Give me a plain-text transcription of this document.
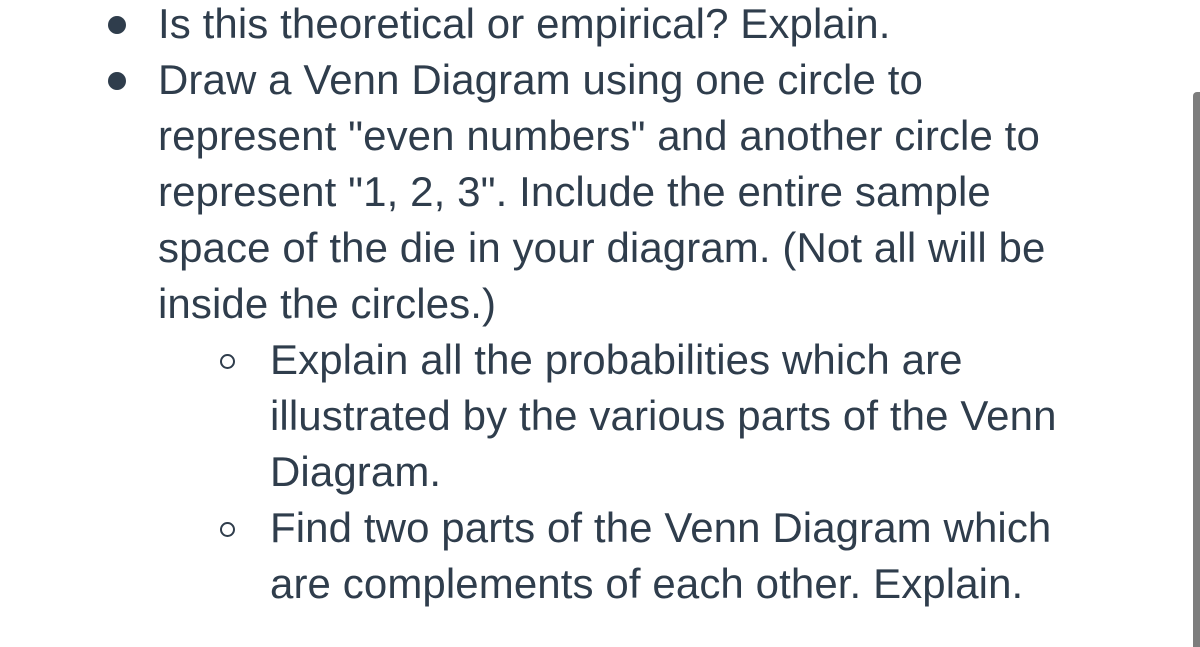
Is this theoretical or empirical? Explain.
Draw a Venn Diagram using one circle to
represent "even numbers" and another circle to
represent "1, 2, 3". Include the entire sample
space of the die in your diagram. (Not all will be
inside the circles.)
Explain all the probabilities which are
illustrated by the various parts of the Venn
Diagram.
Find two parts of the Venn Diagram which
are complements of each other. Explain.
